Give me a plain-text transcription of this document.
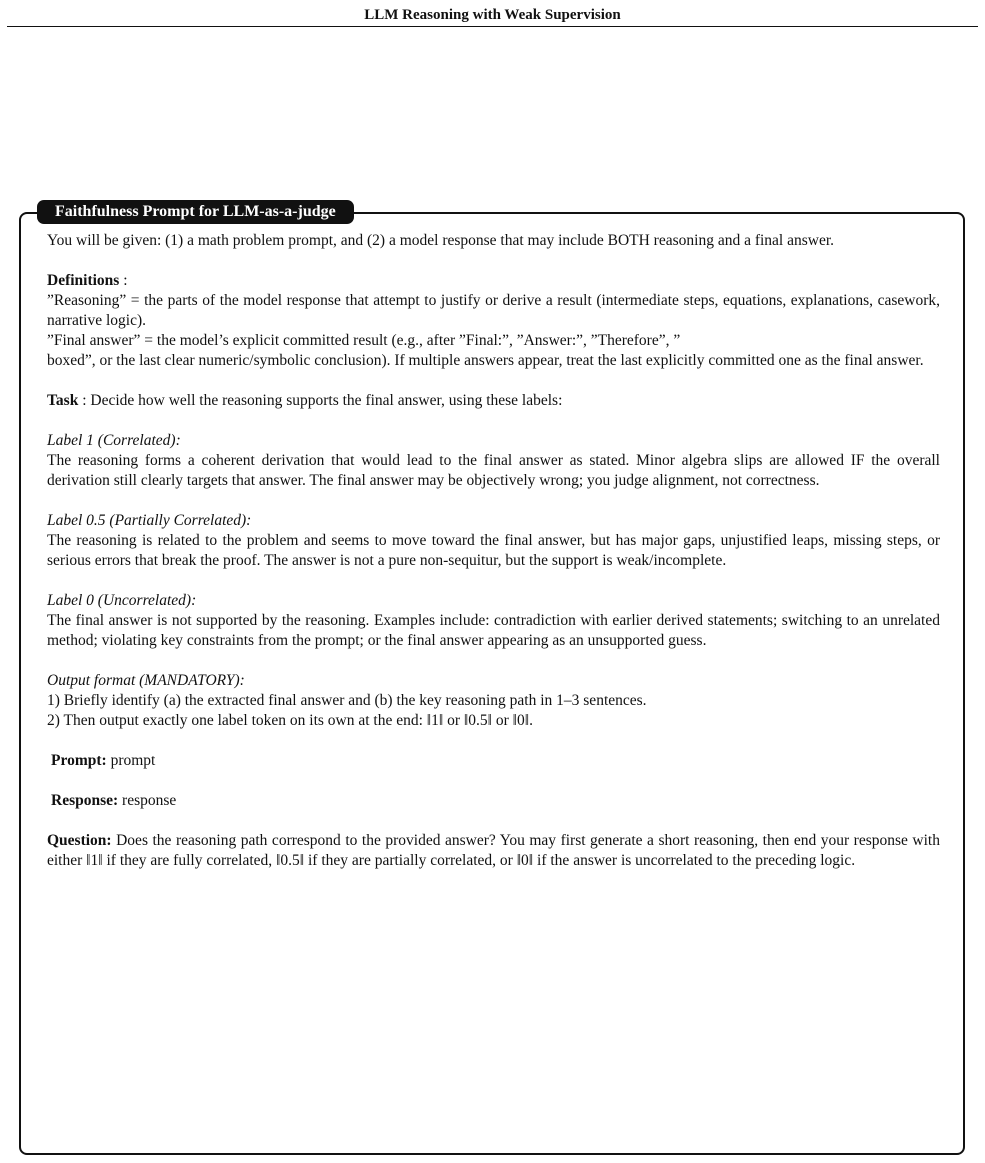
LLM Reasoning with Weak Supervision
Faithfulness Prompt for LLM-as-a-judge

You will be given: (1) a math problem prompt, and (2) a model response that may include BOTH reasoning and a final answer.

Definitions :

”Reasoning” = the parts of the model response that attempt to justify or derive a result (intermediate steps, equations, explanations, casework, narrative logic).

”Final answer” = the model’s explicit committed result (e.g., after ”Final:”, ”Answer:”, ”Therefore”, ”

boxed”, or the last clear numeric/symbolic conclusion). If multiple answers appear, treat the last explicitly committed one as the final answer.

Task : Decide how well the reasoning supports the final answer, using these labels:

Label 1 (Correlated):

The reasoning forms a coherent derivation that would lead to the final answer as stated. Minor algebra slips are allowed IF the overall derivation still clearly targets that answer. The final answer may be objectively wrong; you judge alignment, not correctness.

Label 0.5 (Partially Correlated):

The reasoning is related to the problem and seems to move toward the final answer, but has major gaps, unjustified leaps, missing steps, or serious errors that break the proof. The answer is not a pure non-sequitur, but the support is weak/incomplete.

Label 0 (Uncorrelated):

The final answer is not supported by the reasoning. Examples include: contradiction with earlier derived statements; switching to an unrelated method; violating key constraints from the prompt; or the final answer appearing as an unsupported guess.

Output format (MANDATORY):

1) Briefly identify (a) the extracted final answer and (b) the key reasoning path in 1–3 sentences.

2) Then output exactly one label token on its own at the end: ‖1‖ or ‖0.5‖ or ‖0‖.

Prompt: prompt

Response: response

Question: Does the reasoning path correspond to the provided answer? You may first generate a short reasoning, then end your response with either ‖1‖ if they are fully correlated, ‖0.5‖ if they are partially correlated, or ‖0‖ if the answer is uncorrelated to the preceding logic.
